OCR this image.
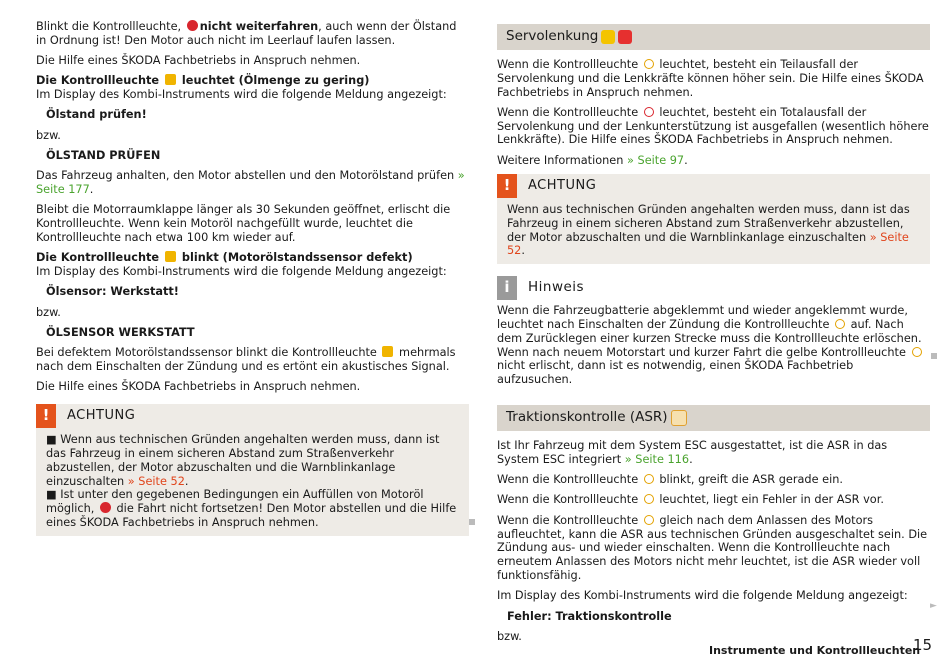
Blinkt die Kontrollleuchte, nicht weiterfahren, auch wenn der Ölstand in Ordnung ist! Den Motor auch nicht im Leerlauf laufen lassen.

Die Hilfe eines ŠKODA Fachbetriebs in Anspruch nehmen.

Die Kontrollleuchte  leuchtet (Ölmenge zu gering)

Im Display des Kombi-Instruments wird die folgende Meldung angezeigt:

Ölstand prüfen!

bzw.

ÖLSTAND PRÜFEN

Das Fahrzeug anhalten, den Motor abstellen und den Motorölstand prüfen » Seite 177.

Bleibt die Motorraumklappe länger als 30 Sekunden geöffnet, erlischt die Kontrollleuchte. Wenn kein Motoröl nachgefüllt wurde, leuchtet die Kontrollleuchte nach etwa 100 km wieder auf.

Die Kontrollleuchte  blinkt (Motorölstandssensor defekt)

Im Display des Kombi-Instruments wird die folgende Meldung angezeigt:

Ölsensor: Werkstatt!

bzw.

ÖLSENSOR WERKSTATT

Bei defektem Motorölstandssensor blinkt die Kontrollleuchte  mehrmals nach dem Einschalten der Zündung und es ertönt ein akustisches Signal.

Die Hilfe eines ŠKODA Fachbetriebs in Anspruch nehmen.

!	ACHTUNG

■ Wenn aus technischen Gründen angehalten werden muss, dann ist das Fahrzeug in einem sicheren Abstand zum Straßenverkehr abzustellen, der Motor abzuschalten und die Warnblinkanlage einzuschalten » Seite 52.

■ Ist unter den gegebenen Bedingungen ein Auffüllen von Motoröl möglich,  die Fahrt nicht fortsetzen! Den Motor abstellen und die Hilfe eines ŠKODA Fachbetriebs in Anspruch nehmen.

Servolenkung

Wenn die Kontrollleuchte  leuchtet, besteht ein Teilausfall der Servolenkung und die Lenkkräfte können höher sein. Die Hilfe eines ŠKODA Fachbetriebs in Anspruch nehmen.

Wenn die Kontrollleuchte  leuchtet, besteht ein Totalausfall der Servolenkung und der Lenkunterstützung ist ausgefallen (wesentlich höhere Lenkkräfte). Die Hilfe eines ŠKODA Fachbetriebs in Anspruch nehmen.

Weitere Informationen » Seite 97.

!	ACHTUNG

Wenn aus technischen Gründen angehalten werden muss, dann ist das Fahrzeug in einem sicheren Abstand zum Straßenverkehr abzustellen, der Motor abzuschalten und die Warnblinkanlage einzuschalten » Seite 52.

i	Hinweis

Wenn die Fahrzeugbatterie abgeklemmt und wieder angeklemmt wurde, leuchtet nach Einschalten der Zündung die Kontrollleuchte  auf. Nach dem Zurücklegen einer kurzen Strecke muss die Kontrollleuchte erlöschen. Wenn nach neuem Motorstart und kurzer Fahrt die gelbe Kontrollleuchte  nicht erlischt, dann ist es notwendig, einen ŠKODA Fachbetrieb aufzusuchen.

Traktionskontrolle (ASR)

Ist Ihr Fahrzeug mit dem System ESC ausgestattet, ist die ASR in das System ESC integriert » Seite 116.

Wenn die Kontrollleuchte  blinkt, greift die ASR gerade ein.

Wenn die Kontrollleuchte  leuchtet, liegt ein Fehler in der ASR vor.

Wenn die Kontrollleuchte  gleich nach dem Anlassen des Motors aufleuchtet, kann die ASR aus technischen Gründen ausgeschaltet sein. Die Zündung aus- und wieder einschalten. Wenn die Kontrollleuchte nach erneutem Anlassen des Motors nicht mehr leuchtet, ist die ASR wieder voll funktionsfähig.

Im Display des Kombi-Instruments wird die folgende Meldung angezeigt:

Fehler: Traktionskontrolle

bzw.

►
Instrumente und Kontrollleuchten
15
